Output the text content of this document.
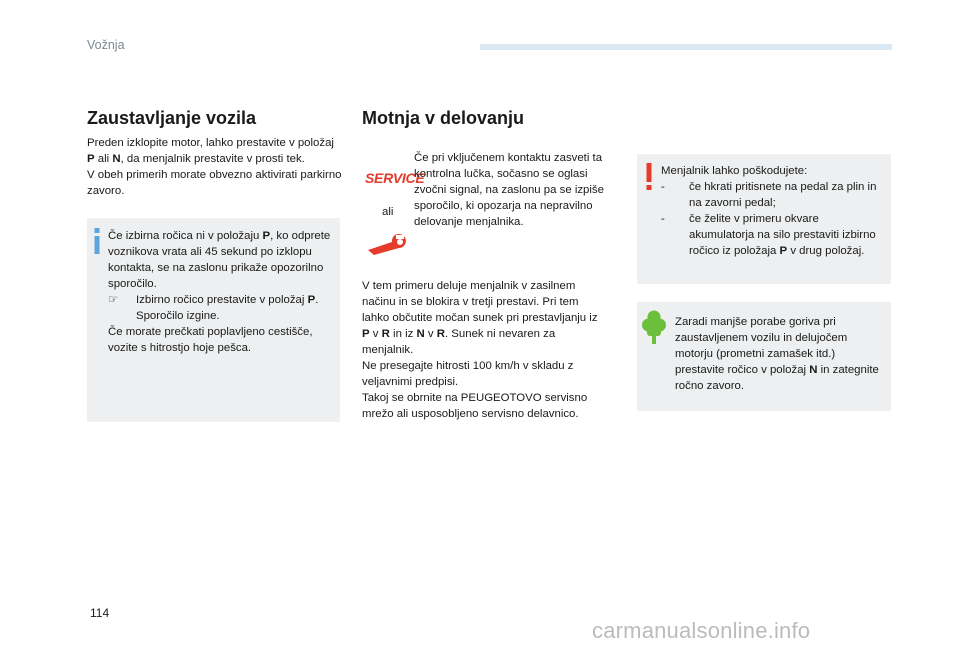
Vožnja
Zaustavljanje vozila

Preden izklopite motor, lahko prestavite v položaj P ali N, da menjalnik prestavite v prosti tek.

V obeh primerih morate obvezno aktivirati parkirno zavoro.

Če izbirna ročica ni v položaju P, ko odprete voznikova vrata ali 45 sekund po izklopu kontakta, se na zaslonu prikaže opozorilno sporočilo.

☞	Izbirno ročico prestavite v položaj P. Sporočilo izgine.

Če morate prečkati poplavljeno cestišče, vozite s hitrostjo hoje pešca.

Motnja v delovanju
SERVICE
ali
Če pri vključenem kontaktu zasveti ta kontrolna lučka, sočasno se oglasi zvočni signal, na zaslonu pa se izpiše sporočilo, ki opozarja na nepravilno delovanje menjalnika.

V tem primeru deluje menjalnik v zasilnem načinu in se blokira v tretji prestavi. Pri tem lahko občutite močan sunek pri prestavljanju iz P v R in iz N v R. Sunek ni nevaren za menjalnik.

Ne presegajte hitrosti 100 km/h v skladu z veljavnimi predpisi.

Takoj se obrnite na PEUGEOTOVO servisno mrežo ali usposobljeno servisno delavnico.

Menjalnik lahko poškodujete:

-	če hkrati pritisnete na pedal za plin in na zavorni pedal;
-	če želite v primeru okvare akumulatorja na silo prestaviti izbirno ročico iz položaja P v drug položaj.
Zaradi manjše porabe goriva pri zaustavljenem vozilu in delujočem motorju (prometni zamašek itd.) prestavite ročico v položaj N in zategnite ročno zavoro.
114
carmanualsonline.info
